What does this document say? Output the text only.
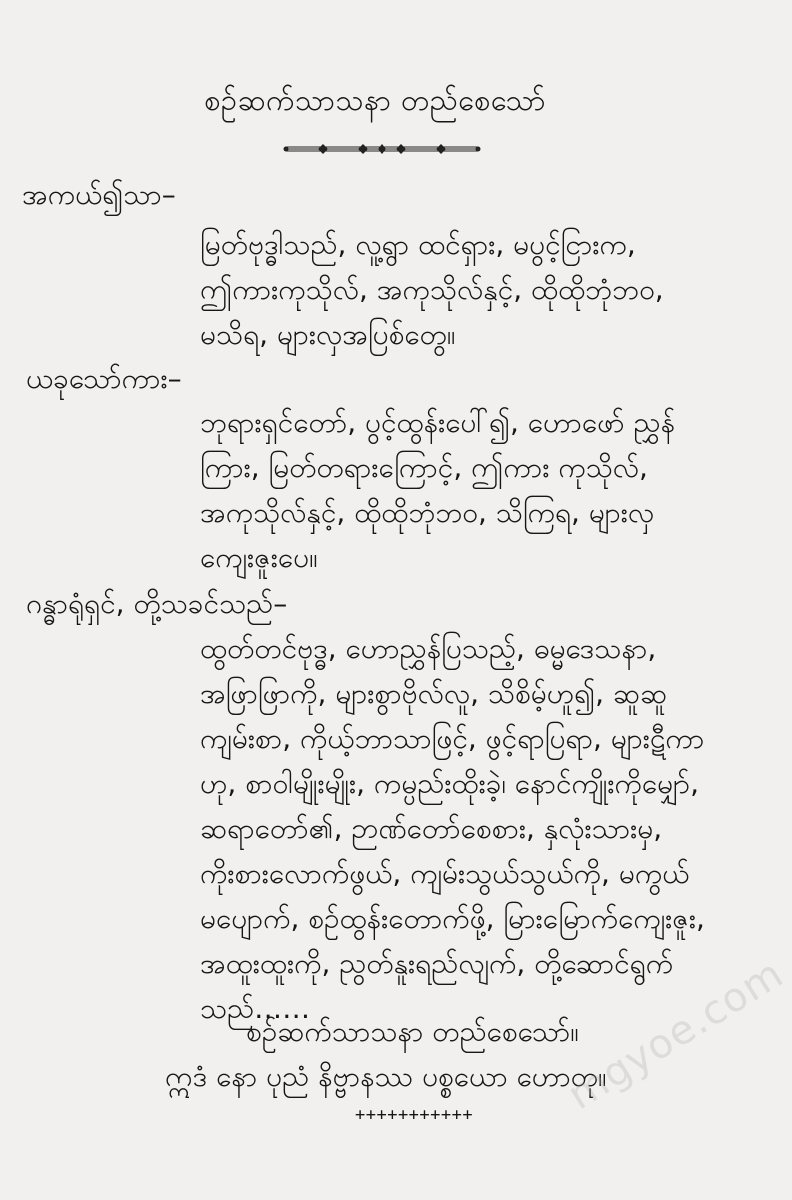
စဥ်ဆက်သာသနာ တည်စေသော်
အကယ်၍သာ–
မြတ်ဗုဒ္ဓါသည်, လူ့ရွာ ထင်ရှား, မပွင့်ငြားက,
ဤကားကုသိုလ်, အကုသိုလ်နှင့်, ထိုထိုဘုံဘဝ,
မသိရ, များလှအပြစ်တွေ။
ယခုသော်ကား–
ဘုရားရှင်တော်, ပွင့်ထွန်းပေါ်၍, ဟောဖော် ညွှန်
ကြား, မြတ်တရားကြောင့်, ဤကား ကုသိုလ်,
အကုသိုလ်နှင့်, ထိုထိုဘုံဘဝ, သိကြရ, များလှ
ကျေးဇူးပေ။
ဂန္ဓာရုံရှင်, တို့သခင်သည်–
ထွတ်တင်ဗုဒ္ဓ, ဟောညွှန်ပြသည့်, ဓမ္မဒေသနာ,
အဖြာဖြာကို, များစွာဗိုလ်လူ, သိစိမ့်ဟူ၍, ဆူဆူ
ကျမ်းစာ, ကိုယ့်ဘာသာဖြင့်, ဖွင့်ရာပြရာ, များဋီကာ
ဟု, စာဝါမျိုးမျိုး, ကမ္ပည်းထိုးခဲ့၊ နောင်ကျိုးကိုမျှော်,
ဆရာတော်၏, ဉာဏ်တော်စေစား, နှလုံးသားမှ,
ကိုးစားလောက်ဖွယ်, ကျမ်းသွယ်သွယ်ကို, မကွယ်
မပျောက်, စဥ်ထွန်းတောက်ဖို့, မြားမြောက်ကျေးဇူး,
အထူးထူးကို, ညွတ်နူးရည်လျက်, တို့ဆောင်ရွက်
သည်……
စဥ်ဆက်သာသနာ တည်စေသော်။
ဣဒံ နော ပုညံ နိဗ္ဗာနဿ ပစ္စယော ဟောတု။
+++++++++++ mgyoe.com
